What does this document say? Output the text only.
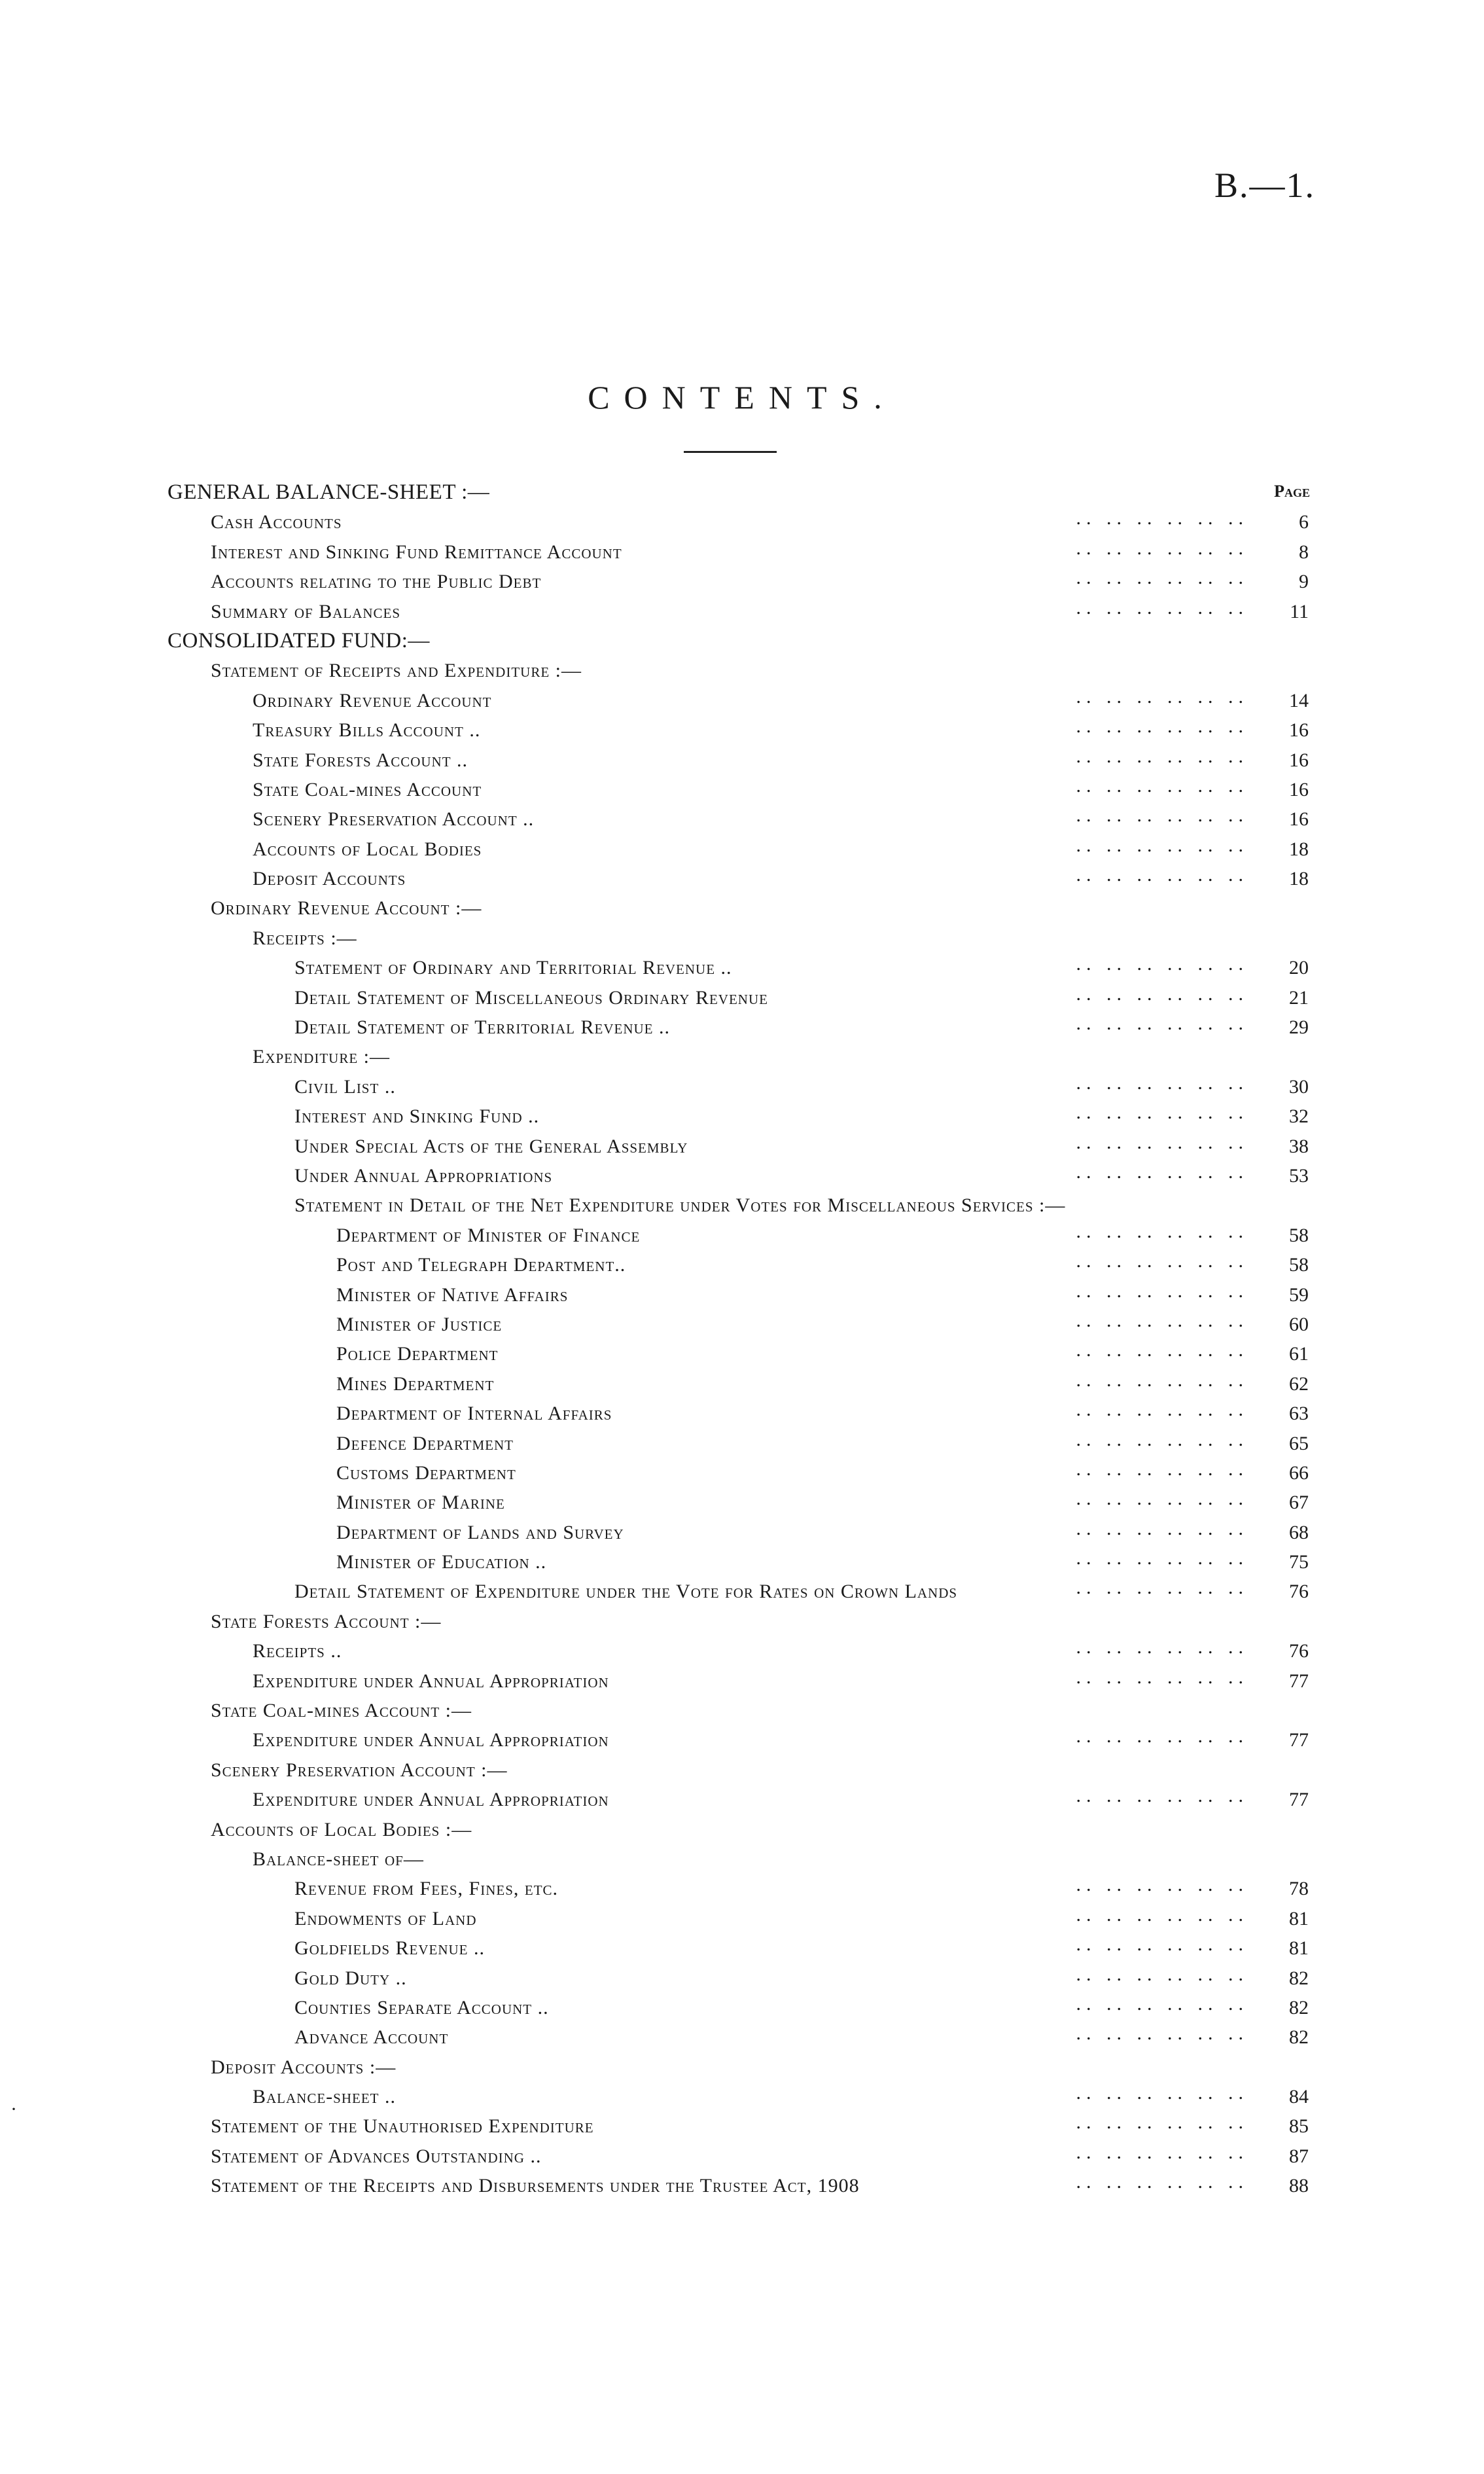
B.—1.
CONTENTS.
Page
GENERAL BALANCE-SHEET :—
Cash Accounts	.. .. .. .. .. ..	6
Interest and Sinking Fund Remittance Account	.. .. .. .. .. ..	8
Accounts relating to the Public Debt	.. .. .. .. .. ..	9
Summary of Balances	.. .. .. .. .. ..	11
CONSOLIDATED FUND:—
Statement of Receipts and Expenditure :—
Ordinary Revenue Account	.. .. .. .. .. ..	14
Treasury Bills Account ..	.. .. .. .. .. ..	16
State Forests Account ..	.. .. .. .. .. ..	16
State Coal-mines Account	.. .. .. .. .. ..	16
Scenery Preservation Account ..	.. .. .. .. .. ..	16
Accounts of Local Bodies	.. .. .. .. .. ..	18
Deposit Accounts	.. .. .. .. .. ..	18
Ordinary Revenue Account :—
Receipts :—
Statement of Ordinary and Territorial Revenue ..	.. .. .. .. .. ..	20
Detail Statement of Miscellaneous Ordinary Revenue	.. .. .. .. .. ..	21
Detail Statement of Territorial Revenue ..	.. .. .. .. .. ..	29
Expenditure :—
Civil List ..	.. .. .. .. .. ..	30
Interest and Sinking Fund ..	.. .. .. .. .. ..	32
Under Special Acts of the General Assembly	.. .. .. .. .. ..	38
Under Annual Appropriations	.. .. .. .. .. ..	53
Statement in Detail of the Net Expenditure under Votes for Miscellaneous Services :—
Department of Minister of Finance	.. .. .. .. .. ..	58
Post and Telegraph Department..	.. .. .. .. .. ..	58
Minister of Native Affairs	.. .. .. .. .. ..	59
Minister of Justice	.. .. .. .. .. ..	60
Police Department	.. .. .. .. .. ..	61
Mines Department	.. .. .. .. .. ..	62
Department of Internal Affairs	.. .. .. .. .. ..	63
Defence Department	.. .. .. .. .. ..	65
Customs Department	.. .. .. .. .. ..	66
Minister of Marine	.. .. .. .. .. ..	67
Department of Lands and Survey	.. .. .. .. .. ..	68
Minister of Education ..	.. .. .. .. .. ..	75
Detail Statement of Expenditure under the Vote for Rates on Crown Lands	.. .. .. .. .. ..	76
State Forests Account :—
Receipts ..	.. .. .. .. .. ..	76
Expenditure under Annual Appropriation	.. .. .. .. .. ..	77
State Coal-mines Account :—
Expenditure under Annual Appropriation	.. .. .. .. .. ..	77
Scenery Preservation Account :—
Expenditure under Annual Appropriation	.. .. .. .. .. ..	77
Accounts of Local Bodies :—
Balance-sheet of—
Revenue from Fees, Fines, etc.	.. .. .. .. .. ..	78
Endowments of Land	.. .. .. .. .. ..	81
Goldfields Revenue ..	.. .. .. .. .. ..	81
Gold Duty ..	.. .. .. .. .. ..	82
Counties Separate Account ..	.. .. .. .. .. ..	82
Advance Account	.. .. .. .. .. ..	82
Deposit Accounts :—
Balance-sheet ..	.. .. .. .. .. ..	84
Statement of the Unauthorised Expenditure	.. .. .. .. .. ..	85
Statement of Advances Outstanding ..	.. .. .. .. .. ..	87
Statement of the Receipts and Disbursements under the Trustee Act, 1908	.. .. .. .. .. ..	88
·
